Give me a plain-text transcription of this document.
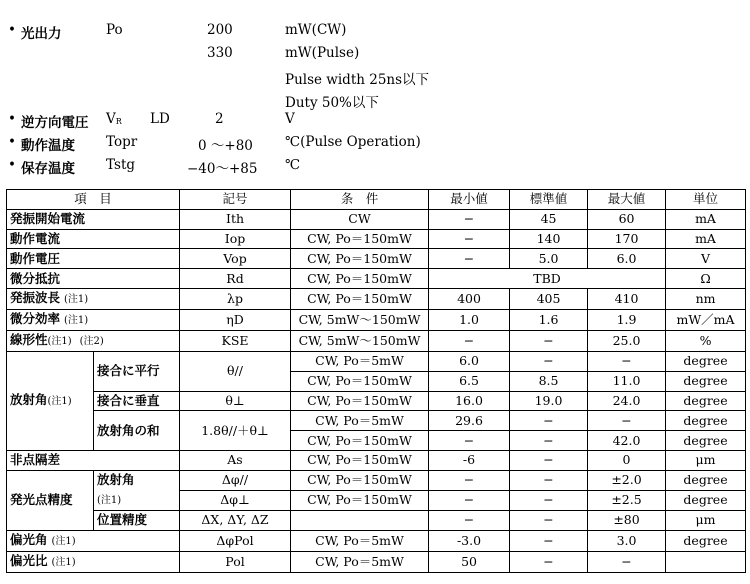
• 光出力	Po	200	mW(CW)
330	mW(Pulse)
Pulse width 25ns以下
Duty 50%以下
• 逆方向電圧 VR LD	2	V
• 動作温度 Topr	0 ～+80 ℃(Pulse Operation)
• 保存温度 Tstg	−40～+85 ℃
項　目		記号	条　件	最小値	標準値	最大値	単位
発振開始電流		Ith	CW	−	45	60	mA
動作電流		Iop	CW, Po＝150mW	−	140	170	mA
動作電圧		Vop	CW, Po＝150mW	−	5.0	6.0	V
微分抵抗		Rd	CW, Po＝150mW	TBD			Ω
発振波長 (注1)		λp	CW, Po＝150mW	400	405	410	nm
微分効率 (注1)		ηD	CW, 5mW～150mW	1.0	1.6	1.9	mW／mA
線形性(注1) (注2)		KSE	CW, 5mW～150mW	−	−	25.0	%
放射角(注1)	接合に平行	θ//	CW, Po＝5mW	6.0	−	−	degree
			CW, Po＝150mW	6.5	8.5	11.0	degree
	接合に垂直	θ⊥	CW, Po＝150mW	16.0	19.0	24.0	degree
	放射角の和	1.8θ//＋θ⊥	CW, Po＝5mW	29.6	−	−	degree
			CW, Po＝150mW	−	−	42.0	degree
非点隔差		As	CW, Po＝150mW	-6	−	0	μm
発光点精度	放射角	Δφ//	CW, Po＝150mW	−	−	±2.0	degree
	(注1)	Δφ⊥	CW, Po＝150mW	−	−	±2.5	degree
	位置精度	ΔX, ΔY, ΔZ		−	−	±80	μm
偏光角 (注1)		ΔφPol	CW, Po＝5mW	-3.0	−	3.0	degree
偏光比 (注1)		Pol	CW, Po＝5mW	50	−	−	
